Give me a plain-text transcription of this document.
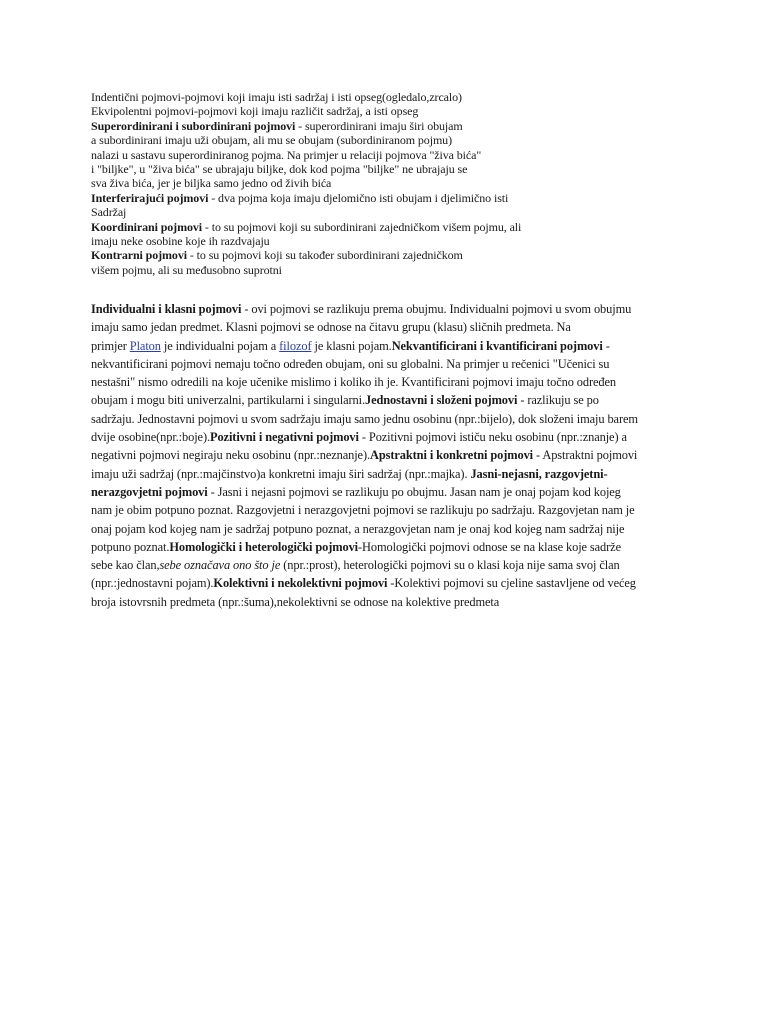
Indentični pojmovi-pojmovi koji imaju isti sadržaj i isti opseg(ogledalo,zrcalo)
Ekvipolentni pojmovi-pojmovi koji imaju različit sadržaj, a isti opseg
Superordinirani i subordinirani pojmovi - superordinirani imaju širi obujam
a subordinirani imaju uži obujam, ali mu se obujam (subordiniranom pojmu)
nalazi u sastavu superordiniranog pojma. Na primjer u relaciji pojmova "živa bića"
i "biljke", u "živa bića" se ubrajaju biljke, dok kod pojma "biljke" ne ubrajaju se
sva živa bića, jer je biljka samo jedno od živih bića
Interferirajući pojmovi - dva pojma koja imaju djelomično isti obujam i djelimično isti
Sadržaj
Koordinirani pojmovi - to su pojmovi koji su subordinirani zajedničkom višem pojmu, ali
imaju neke osobine koje ih razdvajaju
Kontrarni pojmovi - to su pojmovi koji su također subordinirani zajedničkom
višem pojmu, ali su međusobno suprotni
Individualni i klasni pojmovi - ovi pojmovi se razlikuju prema obujmu. Individualni pojmovi u svom obujmu
imaju samo jedan predmet. Klasni pojmovi se odnose na čitavu grupu (klasu) sličnih predmeta. Na
primjer Platon je individualni pojam a filozof je klasni pojam.Nekvantificirani i kvantificirani pojmovi -
nekvantificirani pojmovi nemaju točno određen obujam, oni su globalni. Na primjer u rečenici "Učenici su
nestašni" nismo odredili na koje učenike mislimo i koliko ih je. Kvantificirani pojmovi imaju točno određen
obujam i mogu biti univerzalni, partikularni i singularni.Jednostavni i složeni pojmovi - razlikuju se po
sadržaju. Jednostavni pojmovi u svom sadržaju imaju samo jednu osobinu (npr.:bijelo), dok složeni imaju barem
dvije osobine(npr.:boje).Pozitivni i negativni pojmovi - Pozitivni pojmovi ističu neku osobinu (npr.:znanje) a
negativni pojmovi negiraju neku osobinu (npr.:neznanje).Apstraktni i konkretni pojmovi - Apstraktni pojmovi
imaju uži sadržaj (npr.:majčinstvo)a konkretni imaju širi sadržaj (npr.:majka). Jasni-nejasni, razgovjetni-
nerazgovjetni pojmovi - Jasni i nejasni pojmovi se razlikuju po obujmu. Jasan nam je onaj pojam kod kojeg
nam je obim potpuno poznat. Razgovjetni i nerazgovjetni pojmovi se razlikuju po sadržaju. Razgovjetan nam je
onaj pojam kod kojeg nam je sadržaj potpuno poznat, a nerazgovjetan nam je onaj kod kojeg nam sadržaj nije
potpuno poznat.Homologički i heterologički pojmovi-Homologički pojmovi odnose se na klase koje sadrže
sebe kao član,sebe označava ono što je (npr.:prost), heterologički pojmovi su o klasi koja nije sama svoj član
(npr.:jednostavni pojam).Kolektivni i nekolektivni pojmovi -Kolektivi pojmovi su cjeline sastavljene od većeg
broja istovrsnih predmeta (npr.:šuma),nekolektivni se odnose na kolektive predmeta
